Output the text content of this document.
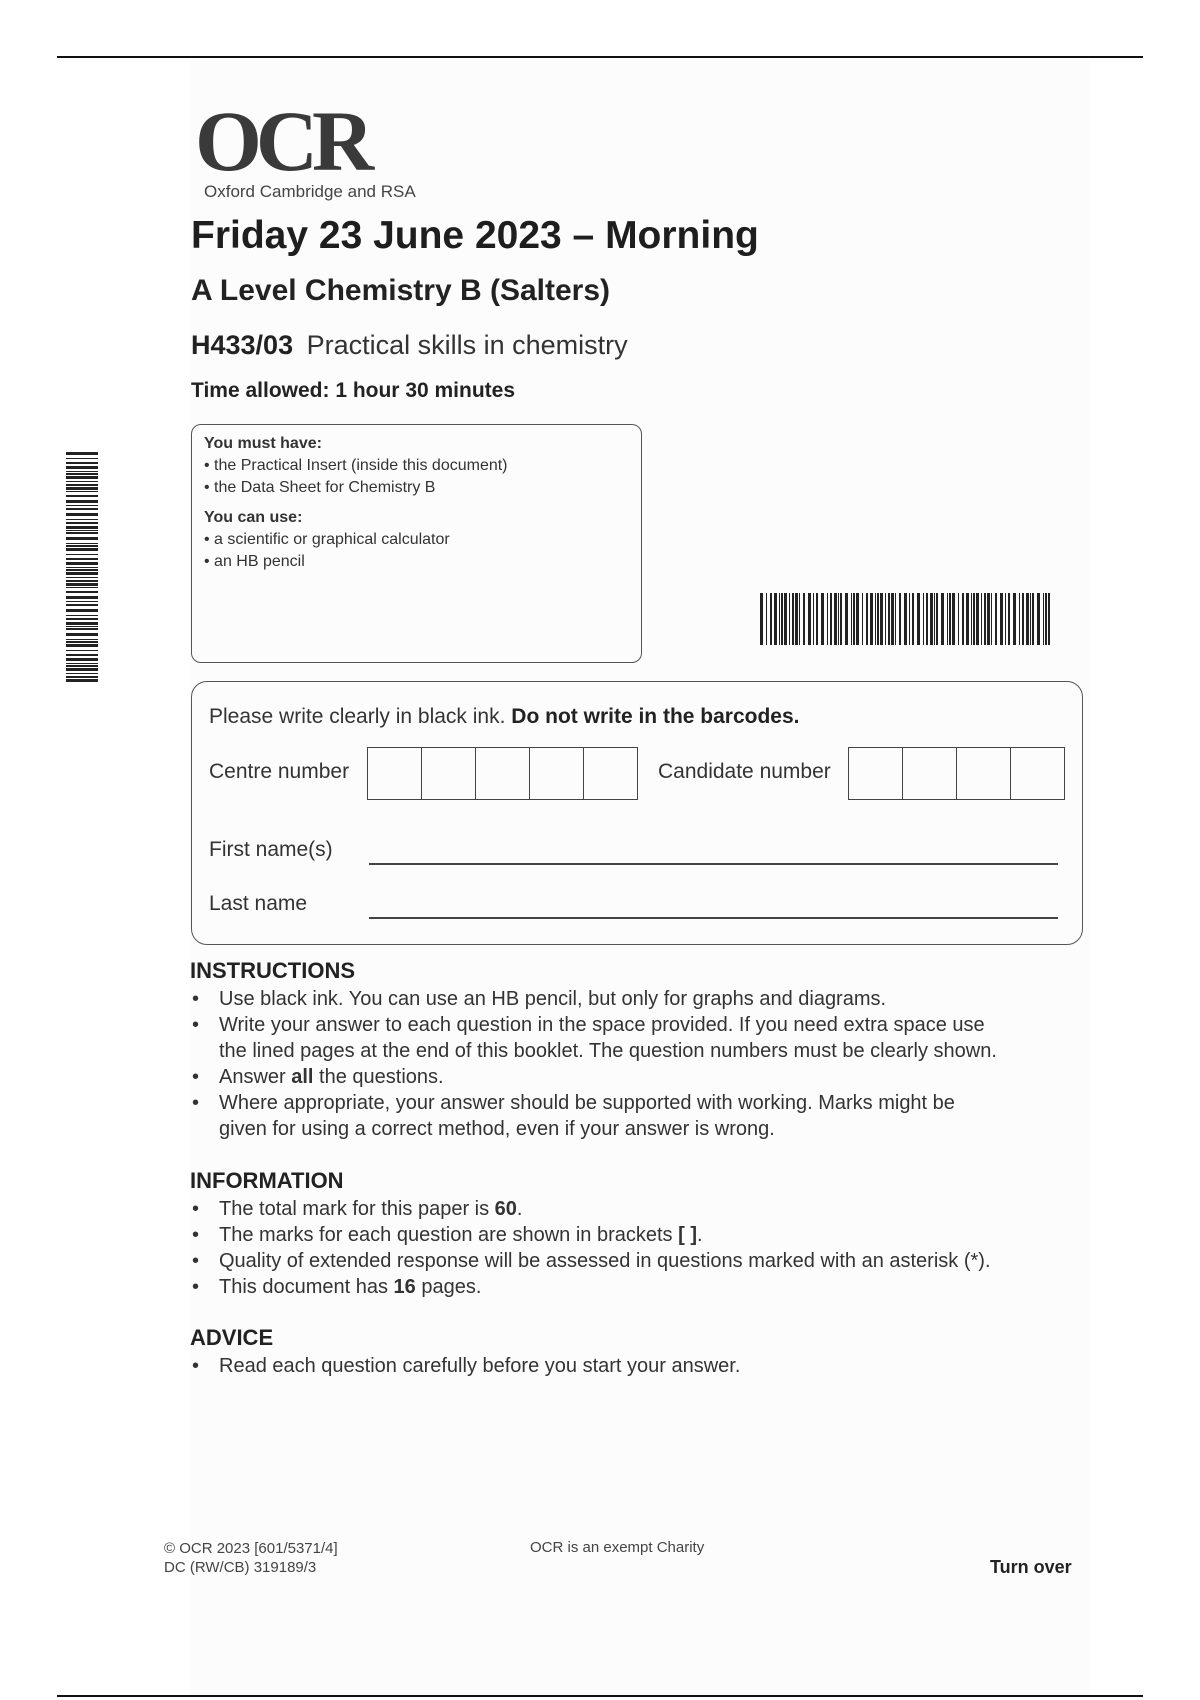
OCR
Oxford Cambridge and RSA
Friday 23 June 2023 – Morning
A Level Chemistry B (Salters)
H433/03 Practical skills in chemistry
Time allowed: 1 hour 30 minutes
You must have:
• the Practical Insert (inside this document)
• the Data Sheet for Chemistry B
You can use:
• a scientific or graphical calculator
• an HB pencil
Please write clearly in black ink. Do not write in the barcodes.
Centre number	Candidate number
First name(s)
Last name
INSTRUCTIONS
• Use black ink. You can use an HB pencil, but only for graphs and diagrams.
• Write your answer to each question in the space provided. If you need extra space use
the lined pages at the end of this booklet. The question numbers must be clearly shown.
• Answer all the questions.
• Where appropriate, your answer should be supported with working. Marks might be
given for using a correct method, even if your answer is wrong.
INFORMATION
• The total mark for this paper is 60.
• The marks for each question are shown in brackets [ ].
• Quality of extended response will be assessed in questions marked with an asterisk (*).
• This document has 16 pages.
ADVICE
• Read each question carefully before you start your answer.
© OCR 2023 [601/5371/4]
DC (RW/CB) 319189/3
OCR is an exempt Charity
Turn over
